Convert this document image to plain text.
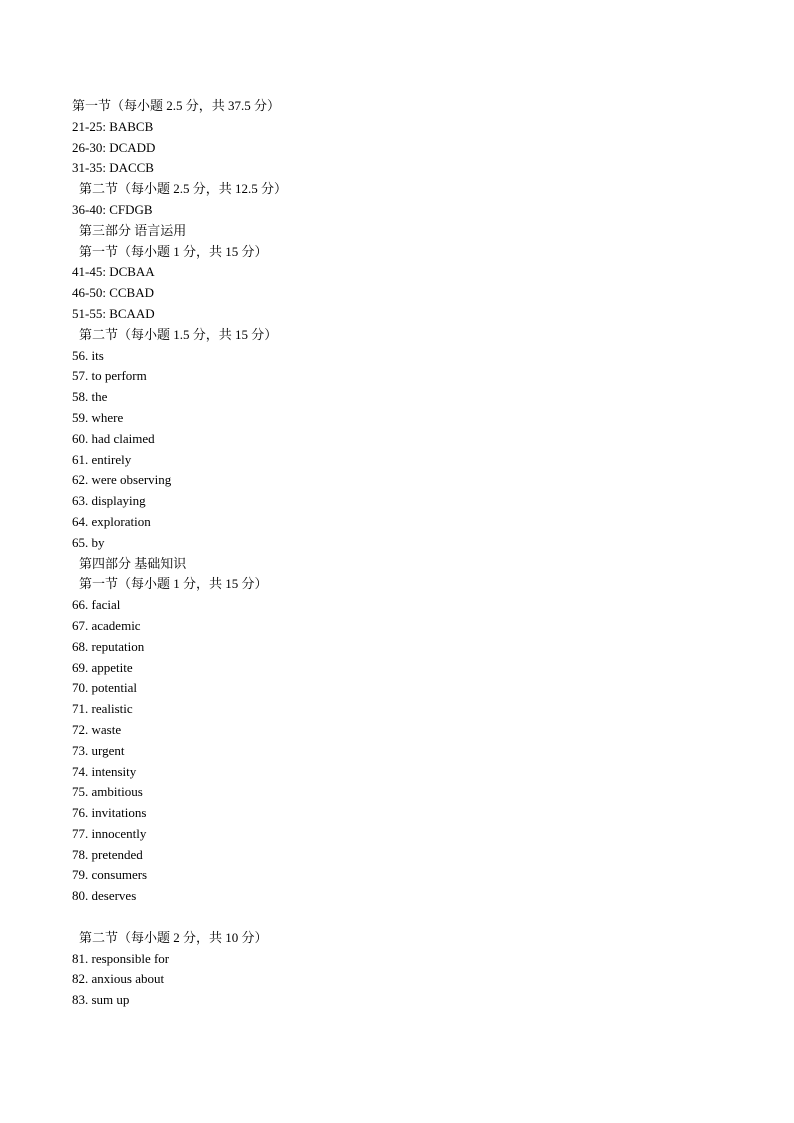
第一节（每小题 2.5 分，共 37.5 分）
21-25: BABCB
26-30: DCADD
31-35: DACCB
第二节（每小题 2.5 分，共 12.5 分）
36-40: CFDGB
第三部分 语言运用
第一节（每小题 1 分，共 15 分）
41-45: DCBAA
46-50: CCBAD
51-55: BCAAD
第二节（每小题 1.5 分，共 15 分）
56. its
57. to perform
58. the
59. where
60. had claimed
61. entirely
62. were observing
63. displaying
64. exploration
65. by
第四部分 基础知识
第一节（每小题 1 分，共 15 分）
66. facial
67. academic
68. reputation
69. appetite
70. potential
71. realistic
72. waste
73. urgent
74. intensity
75. ambitious
76. invitations
77. innocently
78. pretended
79. consumers
80. deserves
第二节（每小题 2 分，共 10 分）
81. responsible for
82. anxious about
83. sum up
